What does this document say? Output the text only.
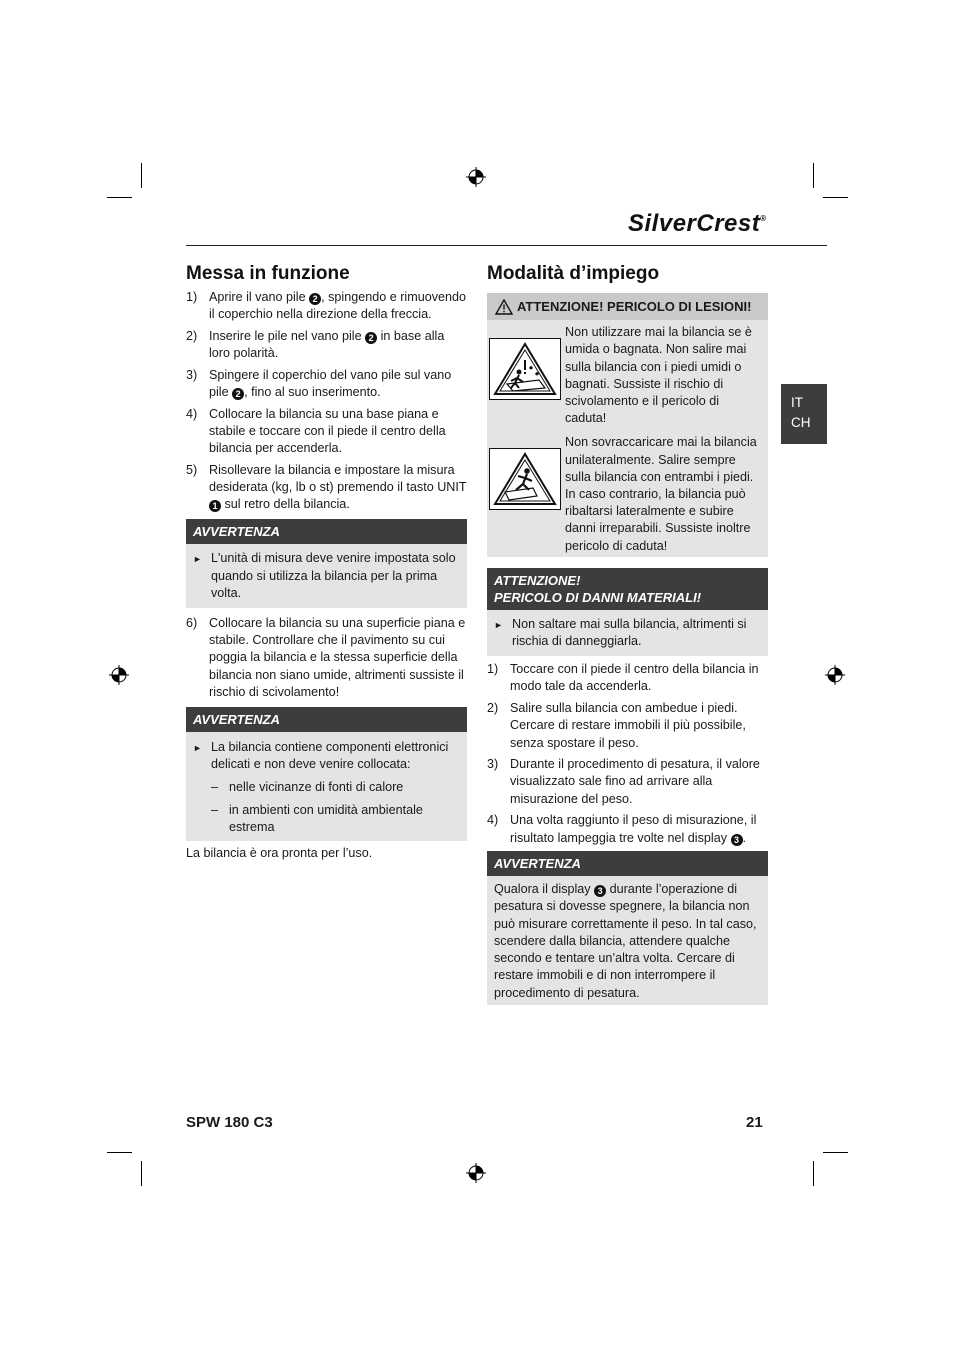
SilverCrest®
IT
CH
Messa in funzione
1) Aprire il vano pile 2 , spingendo e rimuovendo il coperchio nella direzione della freccia.
2) Inserire le pile nel vano pile 2 in base alla loro polarità.
3) Spingere il coperchio del vano pile sul vano pile 2 , fino al suo inserimento.
4) Collocare la bilancia su una base piana e stabile e toccare con il piede il centro della bilancia per accenderla.
5) Risollevare la bilancia e impostare la misura desiderata (kg, lb o st) premendo il tasto UNIT 1 sul retro della bilancia.
AVVERTENZA
► L'unità di misura deve venire impostata solo quando si utilizza la bilancia per la prima volta.
6) Collocare la bilancia su una superficie piana e stabile. Controllare che il pavimento su cui poggia la bilancia e la stessa superficie della bilancia non siano umide, altrimenti sussiste il rischio di scivolamento!
AVVERTENZA
► La bilancia contiene componenti elettronici delicati e non deve venire collocata:
– nelle vicinanze di fonti di calore
– in ambienti con umidità ambientale estrema
La bilancia è ora pronta per l’uso.
Modalità d’impiego
ATTENZIONE! PERICOLO DI LESIONI!
Non utilizzare mai la bilancia se è umida o bagnata. Non salire mai sulla bilancia con i piedi umidi o bagnati. Sussiste il rischio di scivolamento e il pericolo di caduta!
Non sovraccaricare mai la bilancia unilateralmente. Salire sempre sulla bilancia con entrambi i piedi. In caso contrario, la bilancia può ribaltarsi lateralmente e subire danni irreparabili. Sussiste inoltre pericolo di caduta!
ATTENZIONE!
PERICOLO DI DANNI MATERIALI!
► Non saltare mai sulla bilancia, altrimenti si rischia di danneggiarla.
1) Toccare con il piede il centro della bilancia in modo tale da accenderla.
2) Salire sulla bilancia con ambedue i piedi. Cercare di restare immobili il più possibile, senza spostare il peso.
3) Durante il procedimento di pesatura, il valore visualizzato sale fino ad arrivare alla misurazione del peso.
4) Una volta raggiunto il peso di misurazione, il risultato lampeggia tre volte nel display 3 .
AVVERTENZA
Qualora il display 3 durante l’operazione di pesatura si dovesse spegnere, la bilancia non può misurare correttamente il peso. In tal caso, scendere dalla bilancia, attendere qualche secondo e tentare un’altra volta. Cercare di restare immobili e di non interrompere il procedimento di pesatura.
SPW 180 C3	21
